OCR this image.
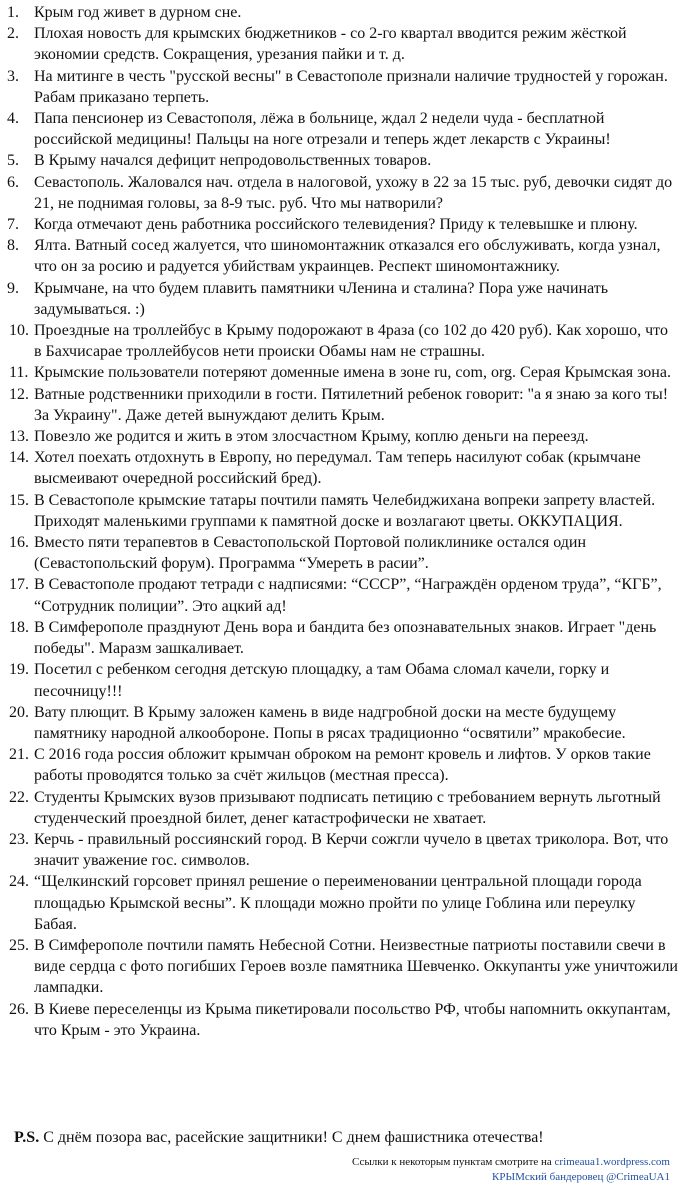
1. Крым год живет в дурном сне.
2. Плохая новость для крымских бюджетников - со 2-го квартал вводится режим жёсткой экономии средств. Сокращения, урезания пайки и т. д.
3. На митинге в честь "русской весны" в Севастополе признали наличие трудностей у горожан. Рабам приказано терпеть.
4. Папа пенсионер из Севастополя, лёжа в больнице, ждал 2 недели чуда - бесплатной российской медицины! Пальцы на ноге отрезали и теперь ждет лекарств с Украины!
5. В Крыму начался дефицит непродовольственных товаров.
6. Севастополь. Жаловался нач. отдела в налоговой, ухожу в 22 за 15 тыс. руб, девочки сидят до 21, не поднимая головы, за 8-9 тыс. руб. Что мы натворили?
7. Когда отмечают день работника российского телевидения? Приду к телевышке и плюну.
8. Ялта. Ватный сосед жалуется, что шиномонтажник отказался его обслуживать, когда узнал, что он за росию и радуется убийствам украинцев. Респект шиномонтажнику.
9. Крымчане, на что будем плавить памятники чЛенина и сталина? Пора уже начинать задумываться. :)
10. Проездные на троллейбус в Крыму подорожают в 4раза (со 102 до 420 руб). Как хорошо, что в Бахчисарае троллейбусов нети происки Обамы нам не страшны.
11. Крымские пользователи потеряют доменные имена в зоне ru, com, org. Серая Крымская зона.
12. Ватные родственники приходили в гости. Пятилетний ребенок говорит: "а я знаю за кого ты! За Украину". Даже детей вынуждают делить Крым.
13. Повезло же родится и жить в этом злосчастном Крыму, коплю деньги на переезд.
14. Хотел поехать отдохнуть в Европу, но передумал. Там теперь насилуют собак (крымчане высмеивают очередной российский бред).
15. В Севастополе крымские татары почтили память Челебиджихана вопреки запрету властей. Приходят маленькими группами к памятной доске и возлагают цветы. ОККУПАЦИЯ.
16. Вместо пяти терапевтов в Севастопольской Портовой поликлинике остался один (Севастопольский форум). Программа “Умереть в расии”.
17. В Севастополе продают тетради с надписями: “СССР”, “Награждён орденом труда”, “КГБ”, “Сотрудник полиции”. Это ацкий ад!
18. В Симферополе празднуют День вора и бандита без опознавательных знаков. Играет "день победы". Маразм зашкаливает.
19. Посетил с ребенком сегодня детскую площадку, а там Обама сломал качели, горку и песочницу!!!
20. Вату плющит. В Крыму заложен камень в виде надгробной доски на месте будущему памятнику народной алкообороне. Попы в рясах традиционно “освятили” мракобесие.
21. С 2016 года россия обложит крымчан оброком на ремонт кровель и лифтов. У орков такие работы проводятся только за счёт жильцов (местная пресса).
22. Студенты Крымских вузов призывают подписать петицию с требованием вернуть льготный студенческий проездной билет, денег катастрофически не хватает.
23. Керчь - правильный россиянский город. В Керчи сожгли чучело в цветах триколора. Вот, что значит уважение гос. символов.
24. “Щелкинский горсовет принял решение о переименовании центральной площади города площадью Крымской весны”. К площади можно пройти по улице Гоблина или переулку Бабая.
25. В Симферополе почтили память Небесной Сотни. Неизвестные патриоты поставили свечи в виде сердца с фото погибших Героев возле памятника Шевченко. Оккупанты уже уничтожили лампадки.
26. В Киеве переселенцы из Крыма пикетировали посольство РФ, чтобы напомнить оккупантам, что Крым - это Украина.
P.S. С днём позора вас, расейские защитники! С днем фашистника отечества!
Ссылки к некоторым пунктам смотрите на crimeaua1.wordpress.com
КРЫМский бандеровец @CrimeaUA1
